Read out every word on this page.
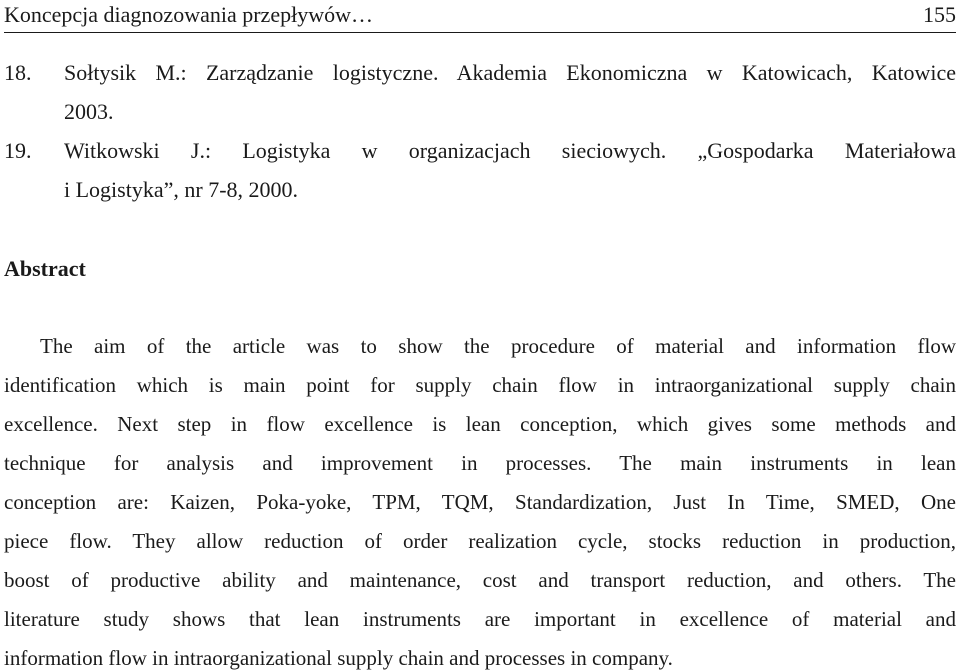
Koncepcja diagnozowania przepływów…	155
18. Sołtysik M.: Zarządzanie logistyczne. Akademia Ekonomiczna w Katowicach, Katowice
2003.
19. Witkowski J.: Logistyka w organizacjach sieciowych. „Gospodarka Materiałowa
i Logistyka”, nr 7-8, 2000.
Abstract
The aim of the article was to show the procedure of material and information flow
identification which is main point for supply chain flow in intraorganizational supply chain
excellence. Next step in flow excellence is lean conception, which gives some methods and
technique for analysis and improvement in processes. The main instruments in lean
conception are: Kaizen, Poka-yoke, TPM, TQM, Standardization, Just In Time, SMED, One
piece flow. They allow reduction of order realization cycle, stocks reduction in production,
boost of productive ability and maintenance, cost and transport reduction, and others. The
literature study shows that lean instruments are important in excellence of material and
information flow in intraorganizational supply chain and processes in company.
